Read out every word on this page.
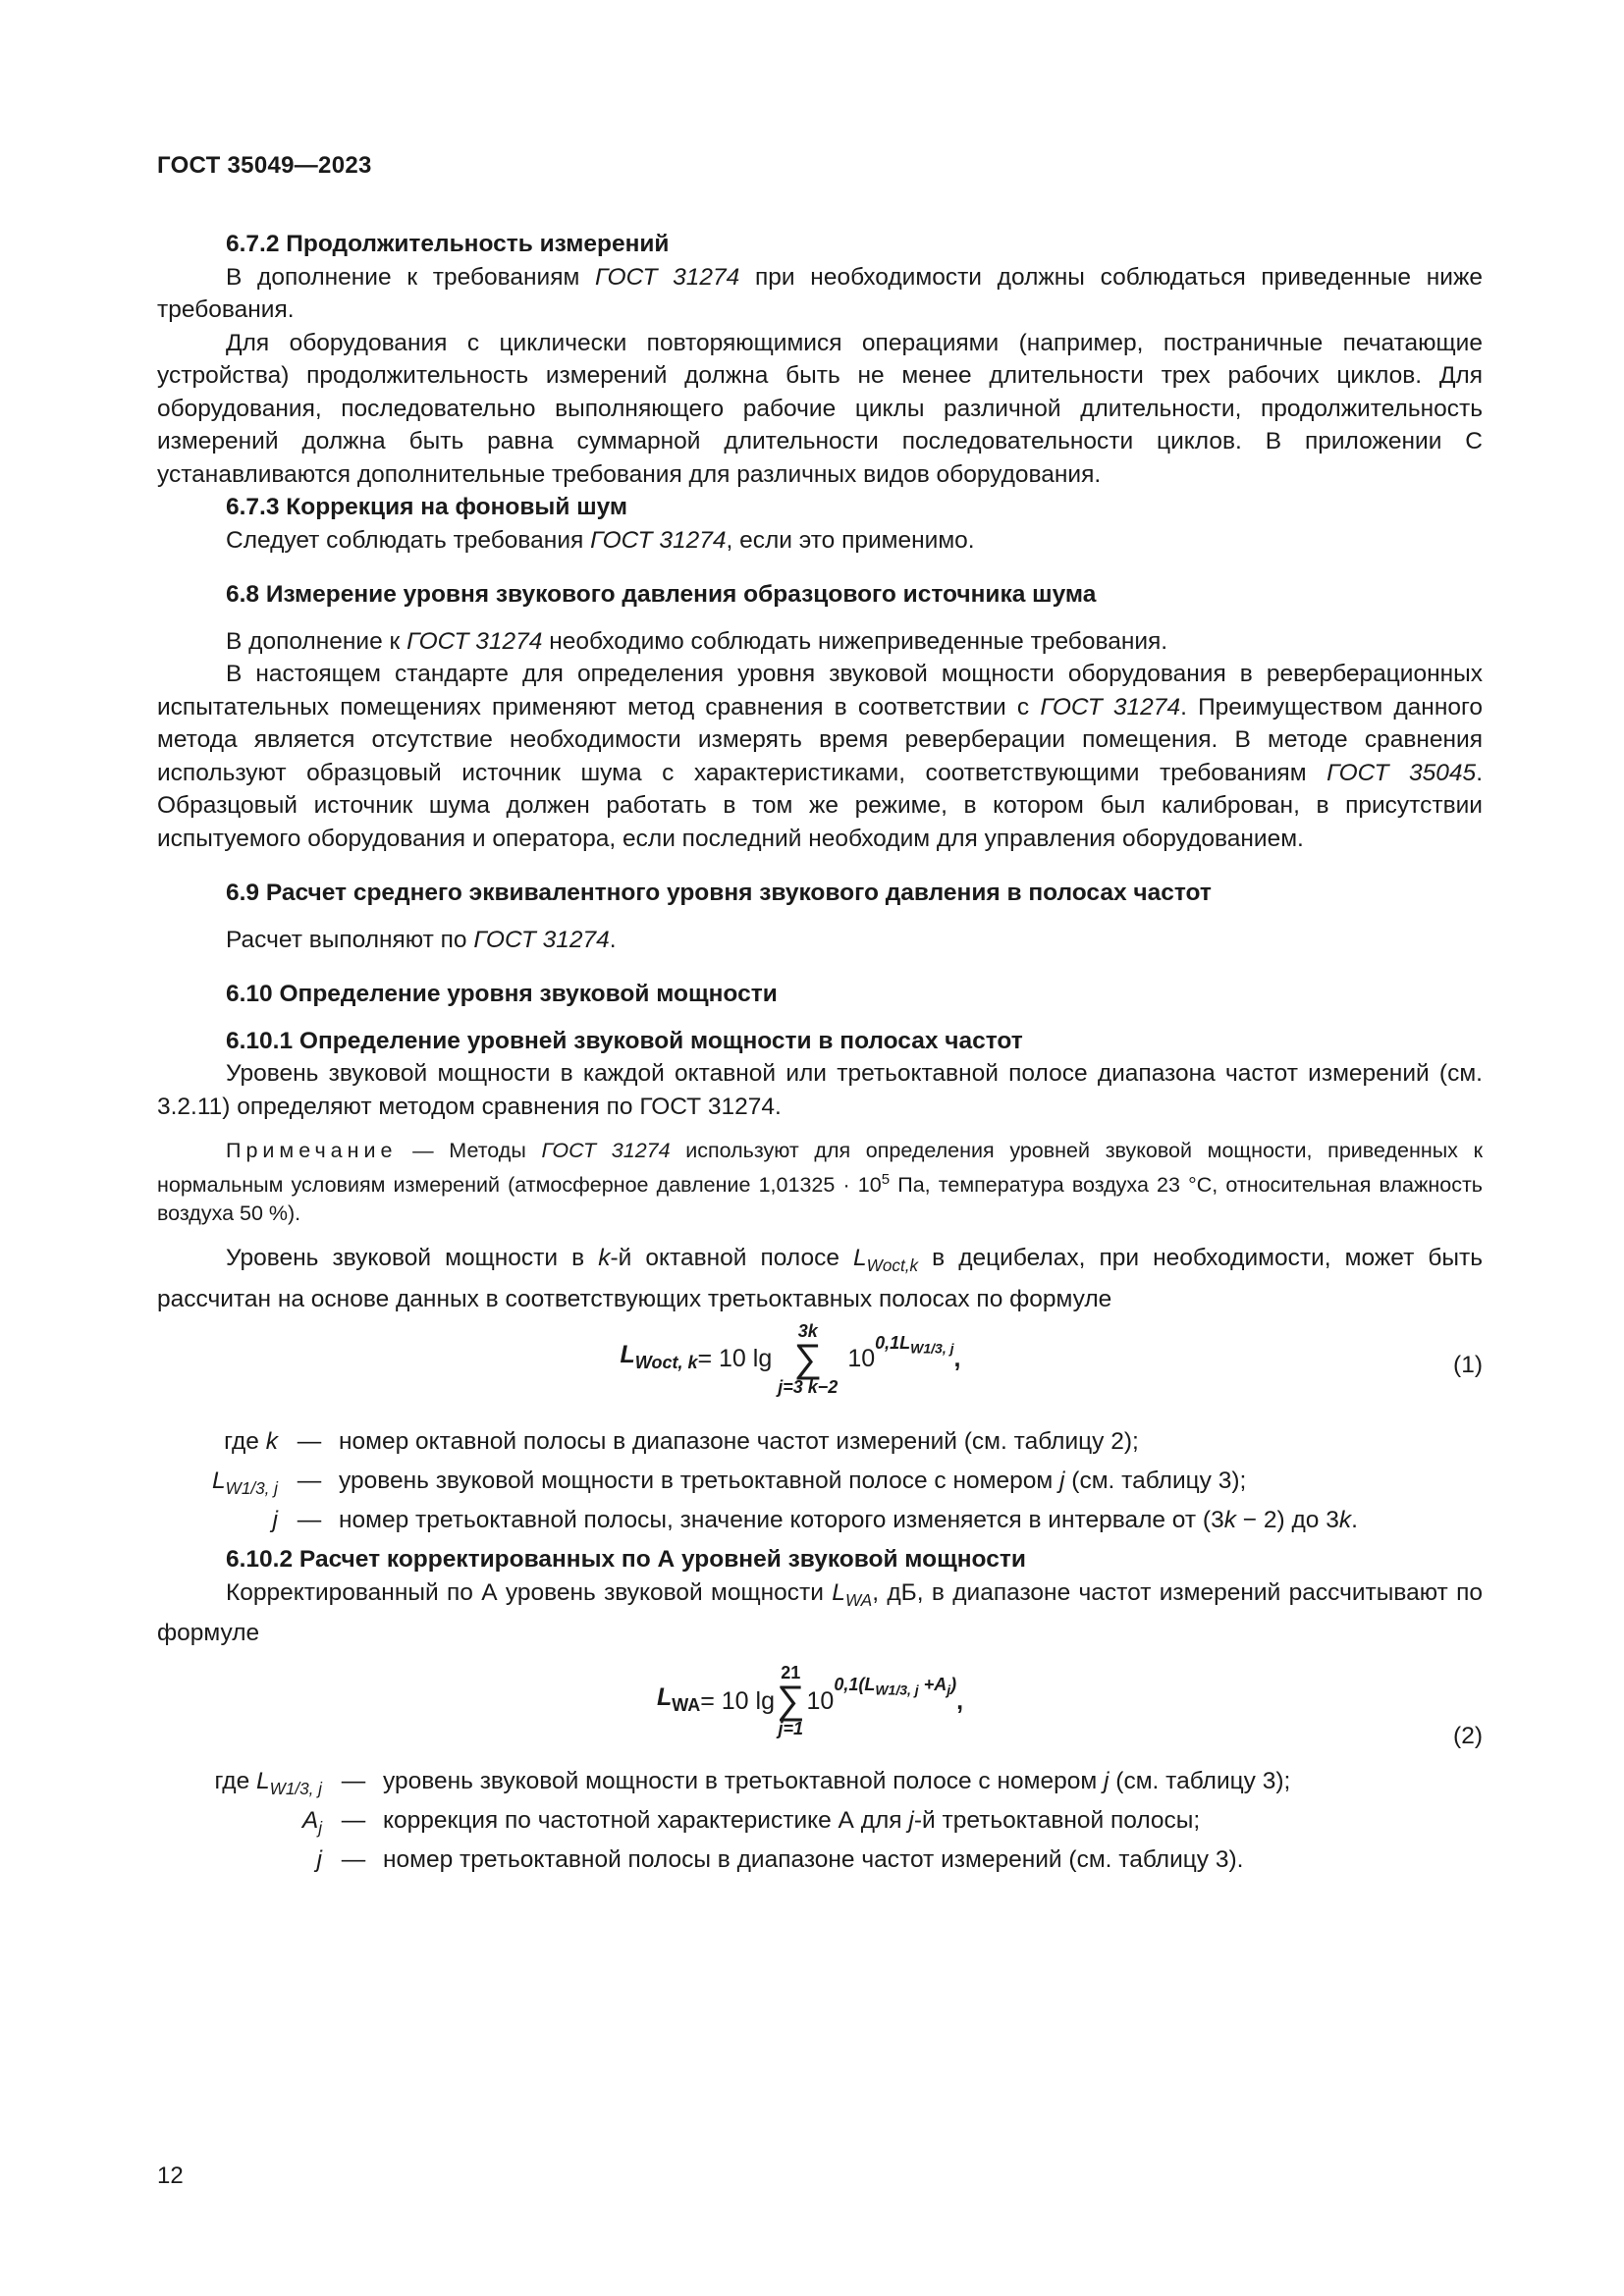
ГОСТ 35049—2023
6.7.2 Продолжительность измерений

В дополнение к требованиям ГОСТ 31274 при необходимости должны соблюдаться приведенные ниже требования.

Для оборудования с циклически повторяющимися операциями (например, постраничные печатающие устройства) продолжительность измерений должна быть не менее длительности трех рабочих циклов. Для оборудования, последовательно выполняющего рабочие циклы различной длительности, продолжительность измерений должна быть равна суммарной длительности последовательности циклов. В приложении С устанавливаются дополнительные требования для различных видов оборудования.

6.7.3 Коррекция на фоновый шум

Следует соблюдать требования ГОСТ 31274, если это применимо.

6.8 Измерение уровня звукового давления образцового источника шума

В дополнение к ГОСТ 31274 необходимо соблюдать нижеприведенные требования.

В настоящем стандарте для определения уровня звуковой мощности оборудования в реверберационных испытательных помещениях применяют метод сравнения в соответствии с ГОСТ 31274. Преимуществом данного метода является отсутствие необходимости измерять время реверберации помещения. В методе сравнения используют образцовый источник шума с характеристиками, соответствующими требованиям ГОСТ 35045. Образцовый источник шума должен работать в том же режиме, в котором был калиброван, в присутствии испытуемого оборудования и оператора, если последний необходим для управления оборудованием.

6.9 Расчет среднего эквивалентного уровня звукового давления в полосах частот

Расчет выполняют по ГОСТ 31274.

6.10 Определение уровня звуковой мощности
6.10.1 Определение уровней звуковой мощности в полосах частот

Уровень звуковой мощности в каждой октавной или третьоктавной полосе диапазона частот измерений (см. 3.2.11) определяют методом сравнения по ГОСТ 31274.

Примечание — Методы ГОСТ 31274 используют для определения уровней звуковой мощности, приведенных к нормальным условиям измерений (атмосферное давление $1,01325 \cdot 10^5$ Па, температура воздуха 23 °С, относительная влажность воздуха 50 %).

Уровень звуковой мощности в k-й октавной полосе $L_{Woct,k}$ в децибелах, при необходимости, может быть рассчитан на основе данных в соответствующих третьоктавных полосах по формуле

$L_{Woct, k} = 10$ lg
3k
∑
j=3 k−2
10
$^{0,1L_{W1/3, j}}$ ,	(1)
где k — номер октавной полосы в диапазоне частот измерений (см. таблицу 2);
$L_{W1/3, j}$ — уровень звуковой мощности в третьоктавной полосе с номером j (см. таблицу 3);
j — номер третьоктавной полосы, значение которого изменяется в интервале от (3k − 2) до 3k.
6.10.2 Расчет корректированных по А уровней звуковой мощности

Корректированный по А уровень звуковой мощности $L_{WA}$, дБ, в диапазоне частот измерений рассчитывают по формуле

$L_{WA} = 10$ lg
21
∑
j=1
10
$^{0,1(L_{W1/3, j} +A_j)}$
,
(2)
где $L_{W1/3, j}$ — уровень звуковой мощности в третьоктавной полосе с номером j (см. таблицу 3);
$A_j$ — коррекция по частотной характеристике А для j-й третьоктавной полосы;
j — номер третьоктавной полосы в диапазоне частот измерений (см. таблицу 3).
12
